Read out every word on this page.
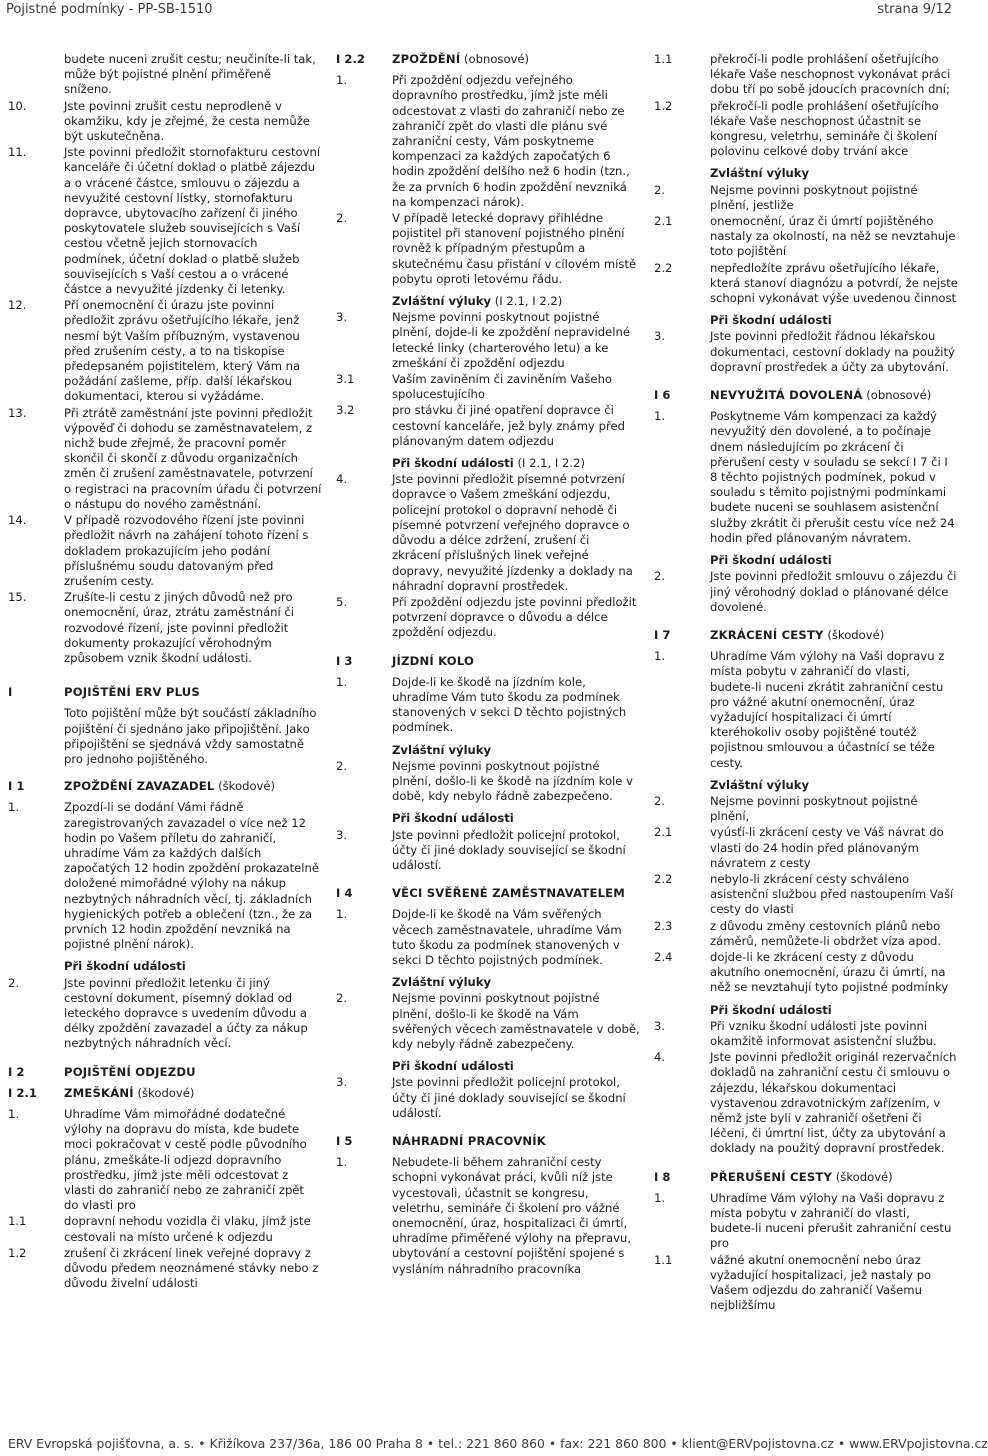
Pojistné podmínky - PP-SB-1510	strana 9/12
budete nuceni zrušit cestu; neučiníte-li tak, může být pojistné plnění přiměřeně sníženo.
10.	Jste povinni zrušit cestu neprodleně v okamžiku, kdy je zřejmé, že cesta nemůže být uskutečněna.
11.	Jste povinni předložit stornofakturu cestovní kanceláře či účetní doklad o platbě zájezdu a o vrácené částce, smlouvu o zájezdu a nevyužité cestovní lístky, stornofakturu dopravce, ubytovacího zařízení či jiného poskytovatele služeb souvisejících s Vaší cestou včetně jejich stornovacích podmínek, účetní doklad o platbě služeb souvisejících s Vaší cestou a o vrácené částce a nevyužité jízdenky či letenky.
12.	Při onemocnění či úrazu jste povinni předložit zprávu ošetřujícího lékaře, jenž nesmí být Vaším příbuzným, vystavenou před zrušením cesty, a to na tiskopise předepsaném pojistitelem, který Vám na požádání zašleme, příp. další lékařskou dokumentaci, kterou si vyžádáme.
13.	Při ztrátě zaměstnání jste povinni předložit výpověď či dohodu se zaměstnavatelem, z nichž bude zřejmé, že pracovní poměr skončil či skončí z důvodu organizačních změn či zrušení zaměstnavatele, potvrzení o registraci na pracovním úřadu či potvrzení o nástupu do nového zaměstnání.
14.	V případě rozvodového řízení jste povinni předložit návrh na zahájení tohoto řízení s dokladem prokazujícím jeho podání příslušnému soudu datovaným před zrušením cesty.
15.	Zrušíte-li cestu z jiných důvodů než pro onemocnění, úraz, ztrátu zaměstnání či rozvodové řízení, jste povinni předložit dokumenty prokazující věrohodným způsobem vznik škodní události.
I	POJIŠTĚNÍ ERV PLUS
Toto pojištění může být součástí základního pojištění či sjednáno jako připojištění. Jako připojištění se sjednává vždy samostatně pro jednoho pojištěného.
I 1	ZPOŽDĚNÍ ZAVAZADEL (škodové)
1.	Zpozdí-li se dodání Vámi řádně zaregistrovaných zavazadel o více než 12 hodin po Vašem příletu do zahraničí, uhradíme Vám za každých dalších započatých 12 hodin zpoždění prokazatelně doložené mimořádné výlohy na nákup nezbytných náhradních věcí, tj. základních hygienických potřeb a oblečení (tzn., že za prvních 12 hodin zpoždění nevzniká na pojistné plnění nárok).
Při škodní události
2.	Jste povinni předložit letenku či jiný cestovní dokument, písemný doklad od leteckého dopravce s uvedením důvodu a délky zpoždění zavazadel a účty za nákup nezbytných náhradních věcí.
I 2	POJIŠTĚNÍ ODJEZDU
I 2.1	ZMEŠKÁNÍ (škodové)
1.	Uhradíme Vám mimořádné dodatečné výlohy na dopravu do místa, kde budete moci pokračovat v cestě podle původního plánu, zmeškáte-li odjezd dopravního prostředku, jímž jste měli odcestovat z vlasti do zahraničí nebo ze zahraničí zpět do vlasti pro
1.1	dopravní nehodu vozidla či vlaku, jímž jste cestovali na místo určené k odjezdu
1.2	zrušení či zkrácení linek veřejné dopravy z důvodu předem neoznámené stávky nebo z důvodu živelní události
I 2.2	ZPOŽDĚNÍ (obnosové)
1.	Při zpoždění odjezdu veřejného dopravního prostředku, jímž jste měli odcestovat z vlasti do zahraničí nebo ze zahraničí zpět do vlasti dle plánu své zahraniční cesty, Vám poskytneme kompenzaci za každých započatých 6 hodin zpoždění delšího než 6 hodin (tzn., že za prvních 6 hodin zpoždění nevzniká na kompenzaci nárok).
2.	V případě letecké dopravy přihlédne pojistitel při stanovení pojistného plnění rovněž k případným přestupům a skutečnému času přistání v cílovém místě pobytu oproti letovému řádu.
Zvláštní výluky (I 2.1, I 2.2)
3.	Nejsme povinni poskytnout pojistné plnění, dojde-li ke zpoždění nepravidelné letecké linky (charterového letu) a ke zmeškání či zpoždění odjezdu
3.1	Vaším zaviněním či zaviněním Vašeho spolucestujícího
3.2	pro stávku či jiné opatření dopravce či cestovní kanceláře, jež byly známy před plánovaným datem odjezdu
Při škodní události (I 2.1, I 2.2)
4.	Jste povinni předložit písemné potvrzení dopravce o Vašem zmeškání odjezdu, policejní protokol o dopravní nehodě či písemné potvrzení veřejného dopravce o důvodu a délce zdržení, zrušení či zkrácení příslušných linek veřejné dopravy, nevyužité jízdenky a doklady na náhradní dopravní prostředek.
5.	Při zpoždění odjezdu jste povinni předložit potvrzení dopravce o důvodu a délce zpoždění odjezdu.
I 3	JÍZDNÍ KOLO
1.	Dojde-li ke škodě na jízdním kole, uhradíme Vám tuto škodu za podmínek stanovených v sekci D těchto pojistných podmínek.
Zvláštní výluky
2.	Nejsme povinni poskytnout pojistné plnění, došlo-li ke škodě na jízdním kole v době, kdy nebylo řádně zabezpečeno.
Při škodní události
3.	Jste povinni předložit policejní protokol, účty či jiné doklady související se škodní událostí.
I 4	VĚCI SVĚŘENÉ ZAMĚSTNAVATELEM
1.	Dojde-li ke škodě na Vám svěřených věcech zaměstnavatele, uhradíme Vám tuto škodu za podmínek stanovených v sekci D těchto pojistných podmínek.
Zvláštní výluky
2.	Nejsme povinni poskytnout pojistné plnění, došlo-li ke škodě na Vám svěřených věcech zaměstnavatele v době, kdy nebyly řádně zabezpečeny.
Při škodní události
3.	Jste povinni předložit policejní protokol, účty či jiné doklady související se škodní událostí.
I 5	NÁHRADNÍ PRACOVNÍK
1.	Nebudete-li během zahraniční cesty schopni vykonávat práci, kvůli níž jste vycestovali, účastnit se kongresu, veletrhu, semináře či školení pro vážné onemocnění, úraz, hospitalizaci či úmrtí, uhradíme přiměřené výlohy na přepravu, ubytování a cestovní pojištění spojené s vysláním náhradního pracovníka
1.1	překročí-li podle prohlášení ošetřujícího lékaře Vaše neschopnost vykonávat práci dobu tří po sobě jdoucích pracovních dní;
1.2	překročí-li podle prohlášení ošetřujícího lékaře Vaše neschopnost účastnit se kongresu, veletrhu, semináře či školení polovinu celkové doby trvání akce
Zvláštní výluky
2.	Nejsme povinni poskytnout pojistné plnění, jestliže
2.1	onemocnění, úraz či úmrtí pojištěného nastaly za okolností, na něž se nevztahuje toto pojištění
2.2	nepředložíte zprávu ošetřujícího lékaře, která stanoví diagnózu a potvrdí, že nejste schopni vykonávat výše uvedenou činnost
Při škodní události
3.	Jste povinni předložit řádnou lékařskou dokumentaci, cestovní doklady na použitý dopravní prostředek a účty za ubytování.
I 6	NEVYUŽITÁ DOVOLENÁ (obnosové)
1.	Poskytneme Vám kompenzaci za každý nevyužitý den dovolené, a to počínaje dnem následujícím po zkrácení či přerušení cesty v souladu se sekcí I 7 či I 8 těchto pojistných podmínek, pokud v souladu s těmito pojistnými podmínkami budete nuceni se souhlasem asistenční služby zkrátit či přerušit cestu více než 24 hodin před plánovaným návratem.
Při škodní události
2.	Jste povinni předložit smlouvu o zájezdu či jiný věrohodný doklad o plánované délce dovolené.
I 7	ZKRÁCENÍ CESTY (škodové)
1.	Uhradíme Vám výlohy na Vaši dopravu z místa pobytu v zahraničí do vlasti, budete-li nuceni zkrátit zahraniční cestu pro vážné akutní onemocnění, úraz vyžadující hospitalizaci či úmrtí kteréhokoliv osoby pojištěné toutéž pojistnou smlouvou a účastnící se téže cesty.
Zvláštní výluky
2.	Nejsme povinni poskytnout pojistné plnění,
2.1	vyúsťí-li zkrácení cesty ve Váš návrat do vlasti do 24 hodin před plánovaným návratem z cesty
2.2	nebylo-li zkrácení cesty schváleno asistenční službou před nastoupením Vaší cesty do vlasti
2.3	z důvodu změny cestovních plánů nebo záměrů, nemůžete-li obdržet víza apod.
2.4	dojde-li ke zkrácení cesty z důvodu akutního onemocnění, úrazu či úmrtí, na něž se nevztahují tyto pojistné podmínky
Při škodní události
3.	Při vzniku škodní události jste povinni okamžitě informovat asistenční službu.
4.	Jste povinni předložit originál rezervačních dokladů na zahraniční cestu či smlouvu o zájezdu, lékařskou dokumentaci vystavenou zdravotnickým zařízením, v němž jste byli v zahraničí ošetřeni či léčeni, či úmrtní list, účty za ubytování a doklady na použitý dopravní prostředek.
I 8	PŘERUŠENÍ CESTY (škodové)
1.	Uhradíme Vám výlohy na Vaši dopravu z místa pobytu v zahraničí do vlasti, budete-li nuceni přerušit zahraniční cestu pro
1.1	vážné akutní onemocnění nebo úraz vyžadující hospitalizaci, jež nastaly po Vašem odjezdu do zahraničí Vašemu nejbližšímu
ERV Evropská pojišťovna, a. s. • Křižíkova 237/36a, 186 00 Praha 8 • tel.: 221 860 860 • fax: 221 860 800 • klient@ERVpojistovna.cz • www.ERVpojistovna.cz
